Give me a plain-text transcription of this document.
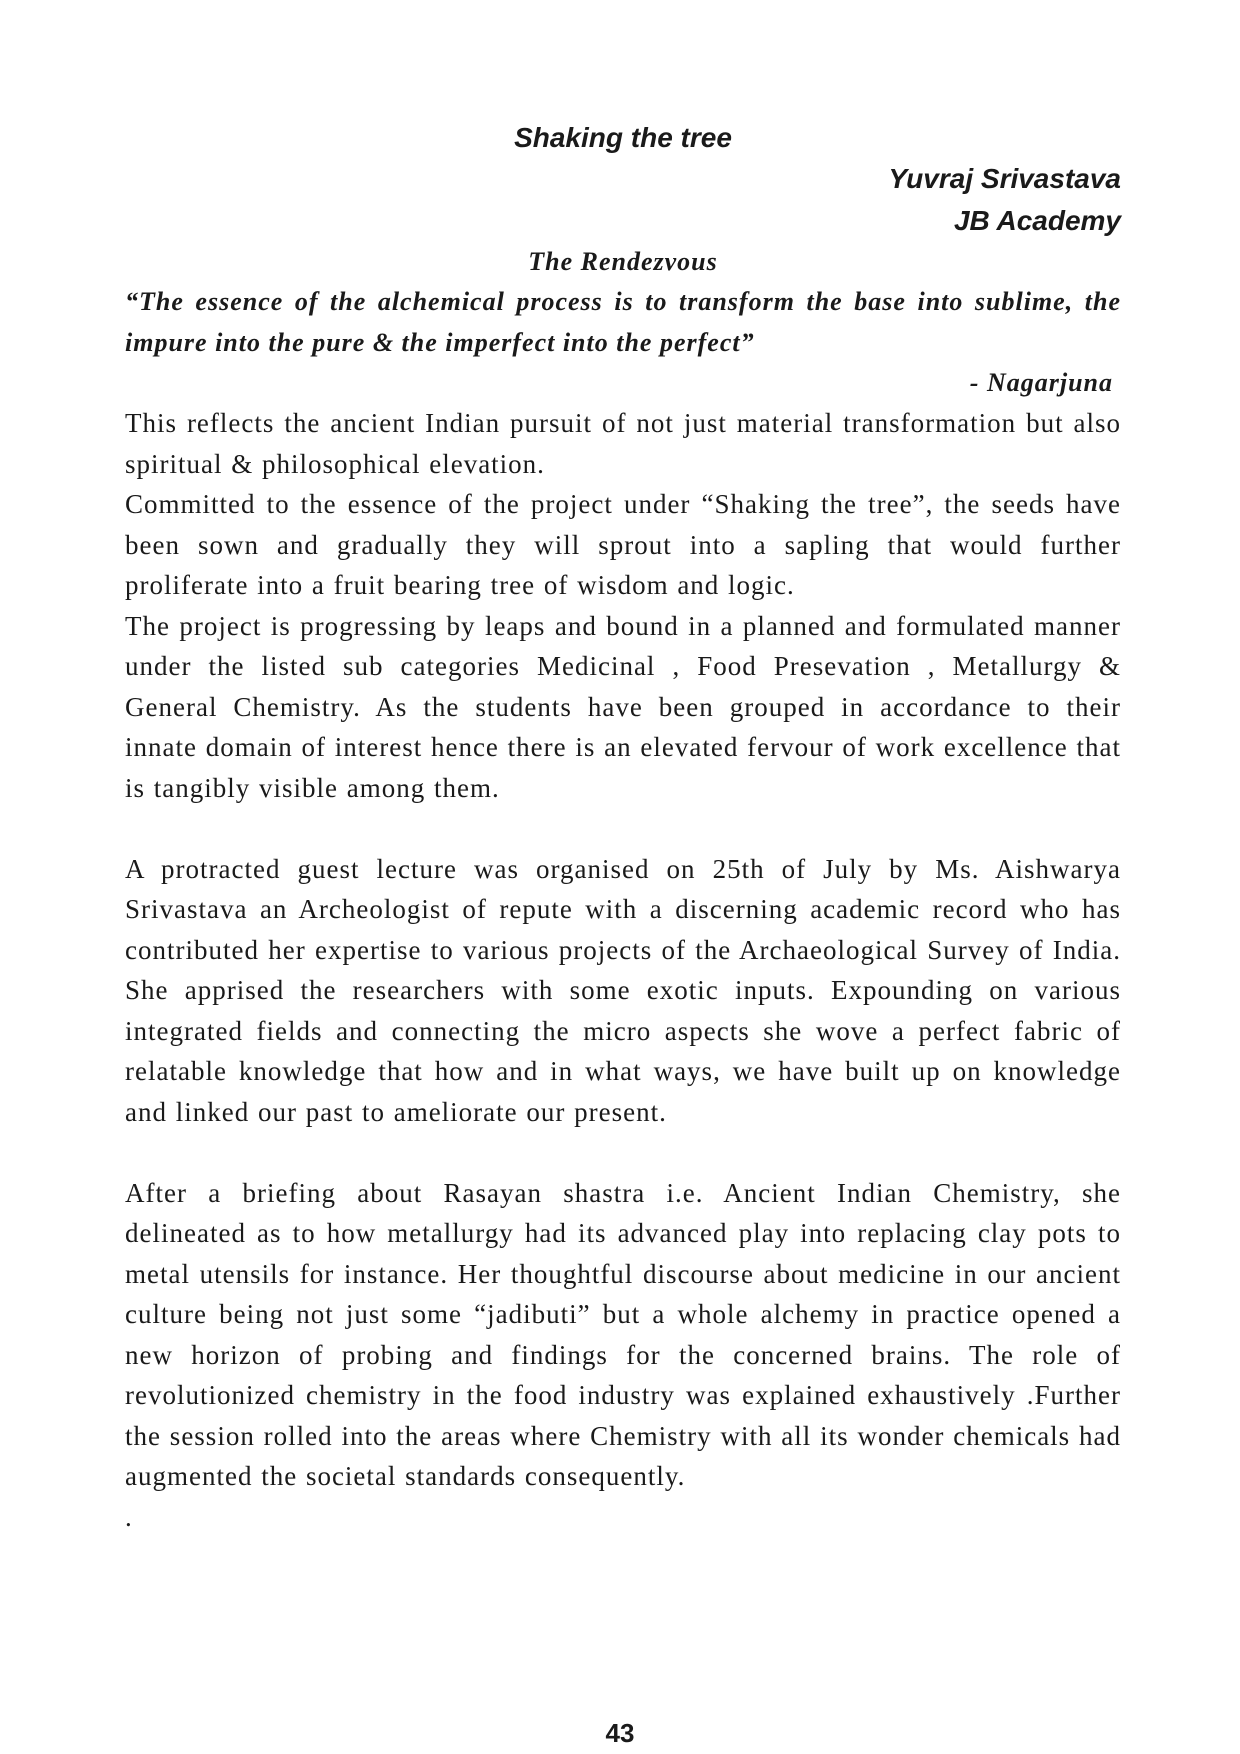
Shaking the tree

Yuvraj Srivastava

JB Academy

The Rendezvous

“The essence of the alchemical process is to transform the base into sublime, the impure into the pure & the imperfect into the perfect”

- Nagarjuna

This reflects the ancient Indian pursuit of not just material transformation but also spiritual & philosophical elevation.

Committed to the essence of the project under “Shaking the tree”, the seeds have been sown and gradually they will sprout into a sapling that would further proliferate into a fruit bearing tree of wisdom and logic.

The project is progressing by leaps and bound in a planned and formulated manner under the listed sub categories Medicinal , Food Presevation , Metallurgy & General Chemistry. As the students have been grouped in accordance to their innate domain of interest hence there is an elevated fervour of work excellence that is tangibly visible among them.

A protracted guest lecture was organised on 25th of July by Ms. Aishwarya Srivastava an Archeologist of repute with a discerning academic record who has contributed her expertise to various projects of the Archaeological Survey of India. She apprised the researchers with some exotic inputs. Expounding on various integrated fields and connecting the micro aspects she wove a perfect fabric of relatable knowledge that how and in what ways, we have built up on knowledge and linked our past to ameliorate our present.

After a briefing about Rasayan shastra i.e. Ancient Indian Chemistry, she delineated as to how metallurgy had its advanced play into replacing clay pots to metal utensils for instance. Her thoughtful discourse about medicine in our ancient culture being not just some “jadibuti” but a whole alchemy in practice opened a new horizon of probing and findings for the concerned brains. The role of revolutionized chemistry in the food industry was explained exhaustively .Further the session rolled into the areas where Chemistry with all its wonder chemicals had augmented the societal standards consequently.

.

43
